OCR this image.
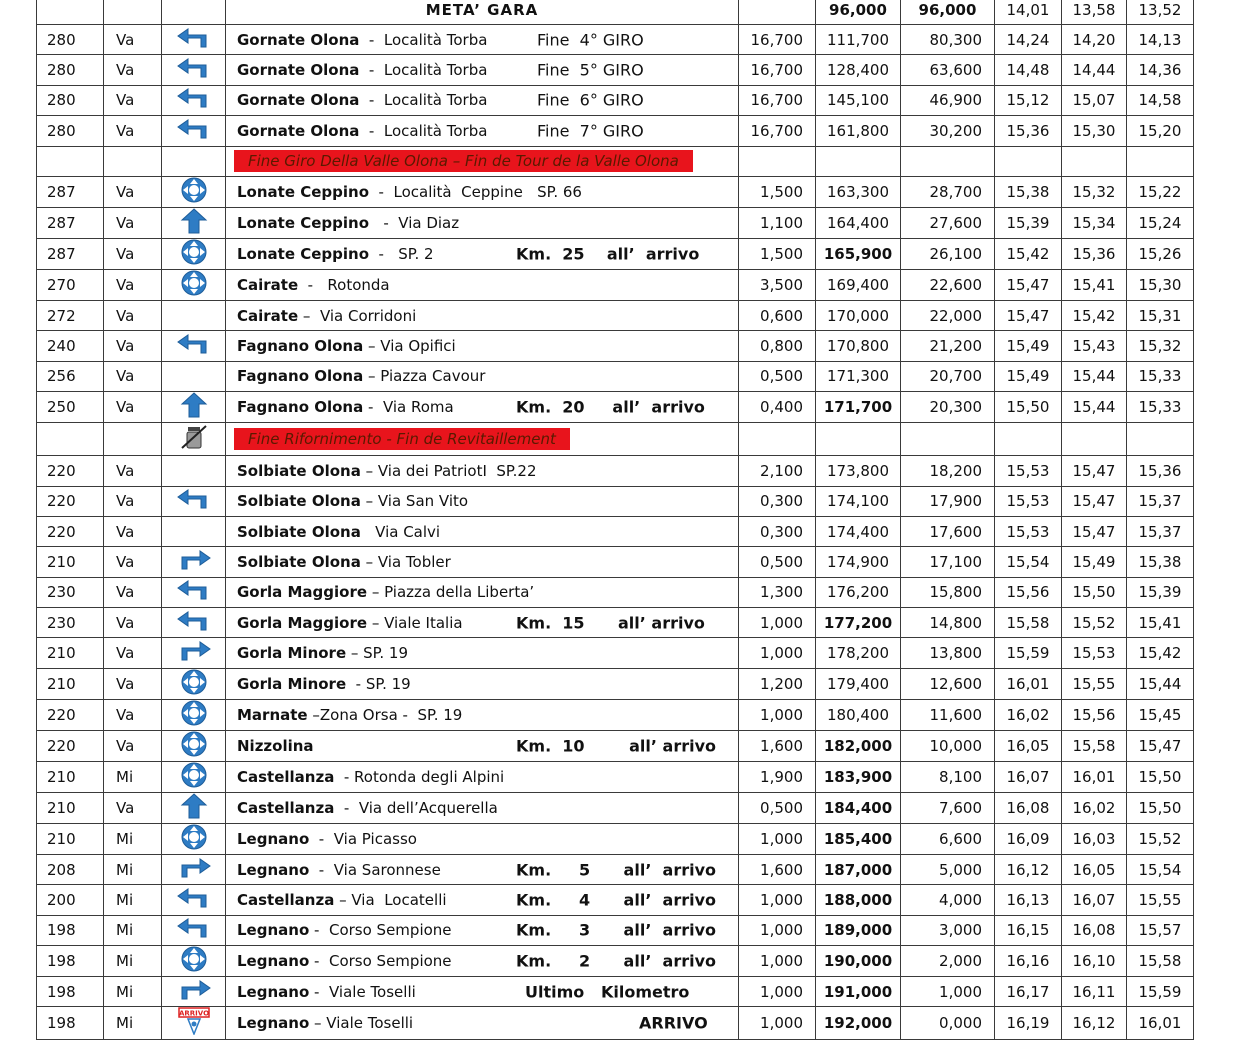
			META’ GARA		96,000	96,000	14,01	13,58	13,52
280	Va		Gornate Olona  -  Località Torba Fine  4° GIRO	16,700	111,700	80,300	14,24	14,20	14,13
280	Va		Gornate Olona  -  Località Torba Fine  5° GIRO	16,700	128,400	63,600	14,48	14,44	14,36
280	Va		Gornate Olona  -  Località Torba Fine  6° GIRO	16,700	145,100	46,900	15,12	15,07	14,58
280	Va		Gornate Olona  -  Località Torba Fine  7° GIRO	16,700	161,800	30,200	15,36	15,30	15,20
			Fine Giro Della Valle Olona – Fin de Tour de la Valle Olona						
287	Va		Lonate Ceppino  -  Località  Ceppine   SP. 66	1,500	163,300	28,700	15,38	15,32	15,22
287	Va		Lonate Ceppino   -  Via Diaz	1,100	164,400	27,600	15,39	15,34	15,24
287	Va		Lonate Ceppino  -   SP. 2 Km.  25    all’  arrivo	1,500	165,900	26,100	15,42	15,36	15,26
270	Va		Cairate  -   Rotonda	3,500	169,400	22,600	15,47	15,41	15,30
272	Va		Cairate –  Via Corridoni	0,600	170,000	22,000	15,47	15,42	15,31
240	Va		Fagnano Olona – Via Opifici	0,800	170,800	21,200	15,49	15,43	15,32
256	Va		Fagnano Olona – Piazza Cavour	0,500	171,300	20,700	15,49	15,44	15,33
250	Va		Fagnano Olona -  Via Roma Km.  20     all’  arrivo	0,400	171,700	20,300	15,50	15,44	15,33
			Fine Rifornimento - Fin de Revitaillement						
220	Va		Solbiate Olona – Via dei PatriotI  SP.22	2,100	173,800	18,200	15,53	15,47	15,36
220	Va		Solbiate Olona – Via San Vito	0,300	174,100	17,900	15,53	15,47	15,37
220	Va		Solbiate Olona   Via Calvi	0,300	174,400	17,600	15,53	15,47	15,37
210	Va		Solbiate Olona – Via Tobler	0,500	174,900	17,100	15,54	15,49	15,38
230	Va		Gorla Maggiore – Piazza della Liberta’	1,300	176,200	15,800	15,56	15,50	15,39
230	Va		Gorla Maggiore – Viale Italia Km.  15      all’ arrivo	1,000	177,200	14,800	15,58	15,52	15,41
210	Va		Gorla Minore – SP. 19	1,000	178,200	13,800	15,59	15,53	15,42
210	Va		Gorla Minore  - SP. 19	1,200	179,400	12,600	16,01	15,55	15,44
220	Va		Marnate –Zona Orsa -  SP. 19	1,000	180,400	11,600	16,02	15,56	15,45
220	Va		Nizzolina Km.  10        all’ arrivo	1,600	182,000	10,000	16,05	15,58	15,47
210	Mi		Castellanza  - Rotonda degli Alpini	1,900	183,900	8,100	16,07	16,01	15,50
210	Va		Castellanza  -  Via dell’Acquerella	0,500	184,400	7,600	16,08	16,02	15,50
210	Mi		Legnano  -  Via Picasso	1,000	185,400	6,600	16,09	16,03	15,52
208	Mi		Legnano  -  Via Saronnese Km.     5      all’  arrivo	1,600	187,000	5,000	16,12	16,05	15,54
200	Mi		Castellanza – Via  Locatelli Km.     4      all’  arrivo	1,000	188,000	4,000	16,13	16,07	15,55
198	Mi		Legnano -  Corso Sempione Km.     3      all’  arrivo	1,000	189,000	3,000	16,15	16,08	15,57
198	Mi		Legnano -  Corso Sempione Km.     2      all’  arrivo	1,000	190,000	2,000	16,16	16,10	15,58
198	Mi		Legnano -  Viale Toselli Ultimo   Kilometro	1,000	191,000	1,000	16,17	16,11	15,59
198	Mi	ARRIVO	Legnano – Viale Toselli ARRIVO	1,000	192,000	0,000	16,19	16,12	16,01
